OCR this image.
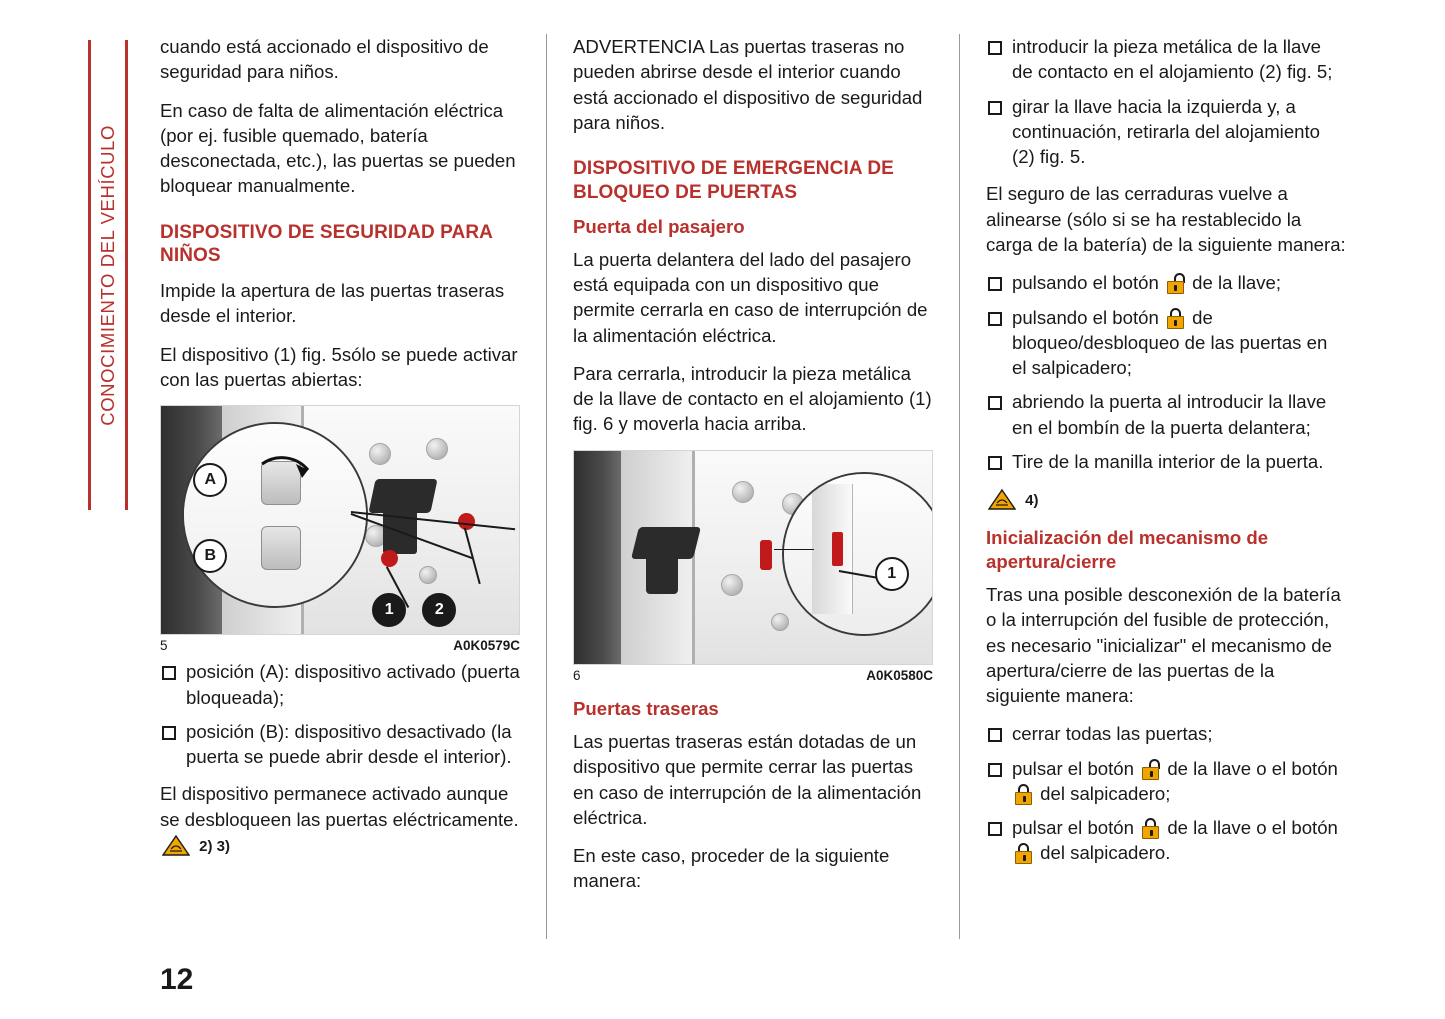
CONOCIMIENTO DEL VEHÍCULO

cuando está accionado el dispositivo de seguridad para niños.

En caso de falta de alimentación eléctrica (por ej. fusible quemado, batería desconectada, etc.), las puertas se pueden bloquear manualmente.

DISPOSITIVO DE SEGURIDAD PARA NIÑOS

Impide la apertura de las puertas traseras desde el interior.

El dispositivo (1) fig. 5sólo se puede activar con las puertas abiertas:

A
B
1	2
5	A0K0579C
posición (A): dispositivo activado (puerta bloqueada);
posición (B): dispositivo desactivado (la puerta se puede abrir desde el interior).

El dispositivo permanece activado aunque se desbloqueen las puertas eléctricamente.
2) 3)

ADVERTENCIA Las puertas traseras no pueden abrirse desde el interior cuando está accionado el dispositivo de seguridad para niños.

DISPOSITIVO DE EMERGENCIA DE BLOQUEO DE PUERTAS
Puerta del pasajero

La puerta delantera del lado del pasajero está equipada con un dispositivo que permite cerrarla en caso de interrupción de la alimentación eléctrica.

Para cerrarla, introducir la pieza metálica de la llave de contacto en el alojamiento (1) fig. 6 y moverla hacia arriba.

1
6	A0K0580C
Puertas traseras

Las puertas traseras están dotadas de un dispositivo que permite cerrar las puertas en caso de interrupción de la alimentación eléctrica.

En este caso, proceder de la siguiente manera:

introducir la pieza metálica de la llave de contacto en el alojamiento (2) fig. 5;
girar la llave hacia la izquierda y, a continuación, retirarla del alojamiento (2) fig. 5.

El seguro de las cerraduras vuelve a alinearse (sólo si se ha restablecido la carga de la batería) de la siguiente manera:

pulsando el botón de la llave;
pulsando el botón de bloqueo/desbloqueo de las puertas en el salpicadero;
abriendo la puerta al introducir la llave en el bombín de la puerta delantera;
Tire de la manilla interior de la puerta.

4)

Inicialización del mecanismo de apertura/cierre

Tras una posible desconexión de la batería o la interrupción del fusible de protección, es necesario "inicializar" el mecanismo de apertura/cierre de las puertas de la siguiente manera:

cerrar todas las puertas;
pulsar el botón de la llave o el botón
del salpicadero;
pulsar el botón de la llave o el botón
del salpicadero.
12
